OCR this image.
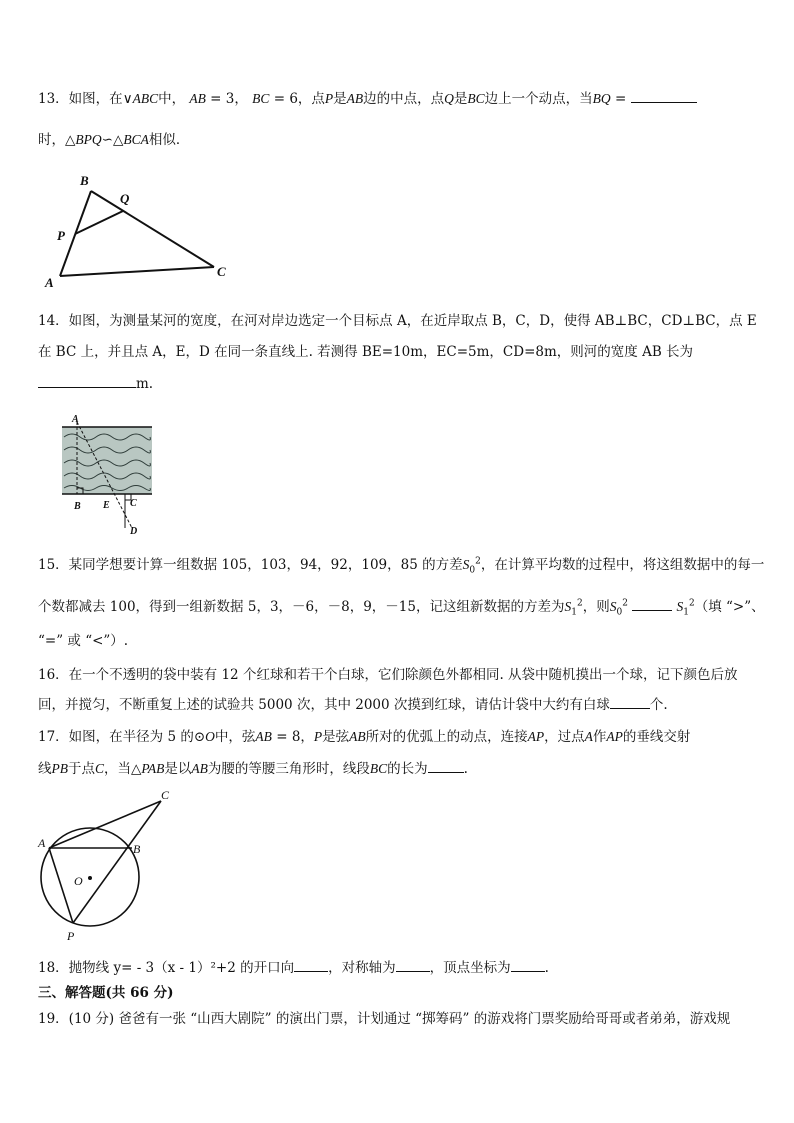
13．如图，在∨ABC中， AB = 3， BC = 6，点P是AB边的中点，点Q是BC边上一个动点，当BQ =
时，△BPQ∽△BCA相似．
B
Q
P
A
C
14．如图，为测量某河的宽度，在河对岸边选定一个目标点 A，在近岸取点 B，C，D，使得 AB⊥BC，CD⊥BC，点 E
在 BC 上，并且点 A，E，D 在同一条直线上. 若测得 BE=10m，EC=5m，CD=8m，则河的宽度 AB 长为
m.
A
B E C
D
15．某同学想要计算一组数据 105，103，94，92，109，85 的方差$S_0^2$，在计算平均数的过程中，将这组数据中的每一
个数都减去 100，得到一组新数据 5，3，－6，－8，9，－15，记这组新数据的方差为$S_1^2$，则$S_0^2$	$S_1^2$（填 “>”、
“=” 或 “<”）.
16．在一个不透明的袋中装有 12 个红球和若干个白球，它们除颜色外都相同. 从袋中随机摸出一个球，记下颜色后放
回，并搅匀，不断重复上述的试验共 5000 次，其中 2000 次摸到红球，请估计袋中大约有白球	个.
17．如图，在半径为 5 的⊙O中，弦AB = 8，P是弦AB所对的优弧上的动点，连接AP，过点A作AP的垂线交射
线PB于点C，当△PAB是以AB为腰的等腰三角形时，线段BC的长为	.
C
A	B
O
P
18．抛物线 y= - 3（x - 1）²+2 的开口向	，对称轴为	，顶点坐标为	.
三、解答题(共 66 分)
19．(10 分) 爸爸有一张 “山西大剧院” 的演出门票，计划通过 “掷筹码” 的游戏将门票奖励给哥哥或者弟弟，游戏规
